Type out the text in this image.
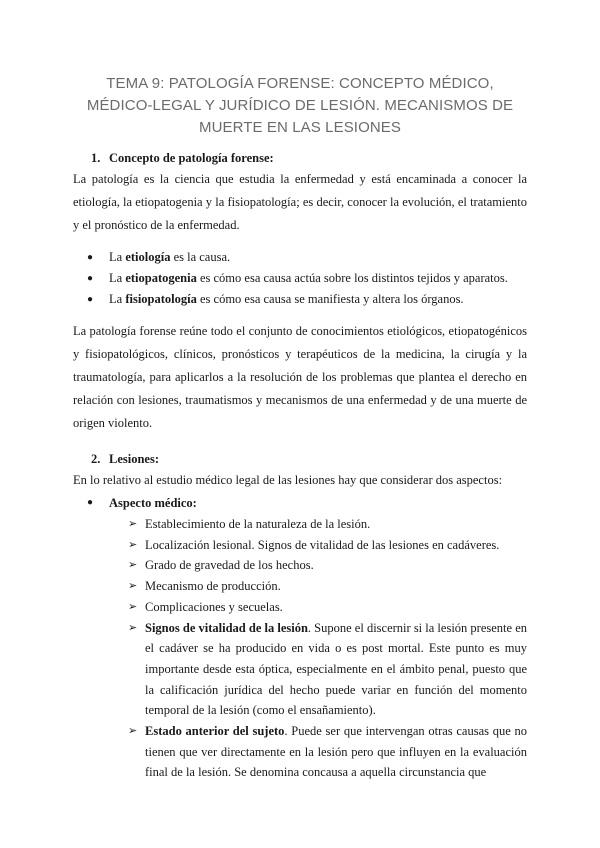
TEMA 9: PATOLOGÍA FORENSE: CONCEPTO MÉDICO,
MÉDICO-LEGAL Y JURÍDICO DE LESIÓN. MECANISMOS DE
MUERTE EN LAS LESIONES
1. Concepto de patología forense:

La patología es la ciencia que estudia la enfermedad y está encaminada a conocer la etiología, la etiopatogenia y la fisiopatología; es decir, conocer la evolución, el tratamiento y el pronóstico de la enfermedad.

● La etiología es la causa.
● La etiopatogenia es cómo esa causa actúa sobre los distintos tejidos y aparatos.
● La fisiopatología es cómo esa causa se manifiesta y altera los órganos.

La patología forense reúne todo el conjunto de conocimientos etiológicos, etiopatogénicos y fisiopatológicos, clínicos, pronósticos y terapéuticos de la medicina, la cirugía y la traumatología, para aplicarlos a la resolución de los problemas que plantea el derecho en relación con lesiones, traumatismos y mecanismos de una enfermedad y de una muerte de origen violento.

2. Lesiones:

En lo relativo al estudio médico legal de las lesiones hay que considerar dos aspectos:

● Aspecto médico:
➢ Establecimiento de la naturaleza de la lesión.
➢ Localización lesional. Signos de vitalidad de las lesiones en cadáveres.
➢ Grado de gravedad de los hechos.
➢ Mecanismo de producción.
➢ Complicaciones y secuelas.
➢ Signos de vitalidad de la lesión. Supone el discernir si la lesión presente en el cadáver se ha producido en vida o es post mortal. Este punto es muy importante desde esta óptica, especialmente en el ámbito penal, puesto que la calificación jurídica del hecho puede variar en función del momento temporal de la lesión (como el ensañamiento).
➢ Estado anterior del sujeto. Puede ser que intervengan otras causas que no tienen que ver directamente en la lesión pero que influyen en la evaluación final de la lesión. Se denomina concausa a aquella circunstancia que
